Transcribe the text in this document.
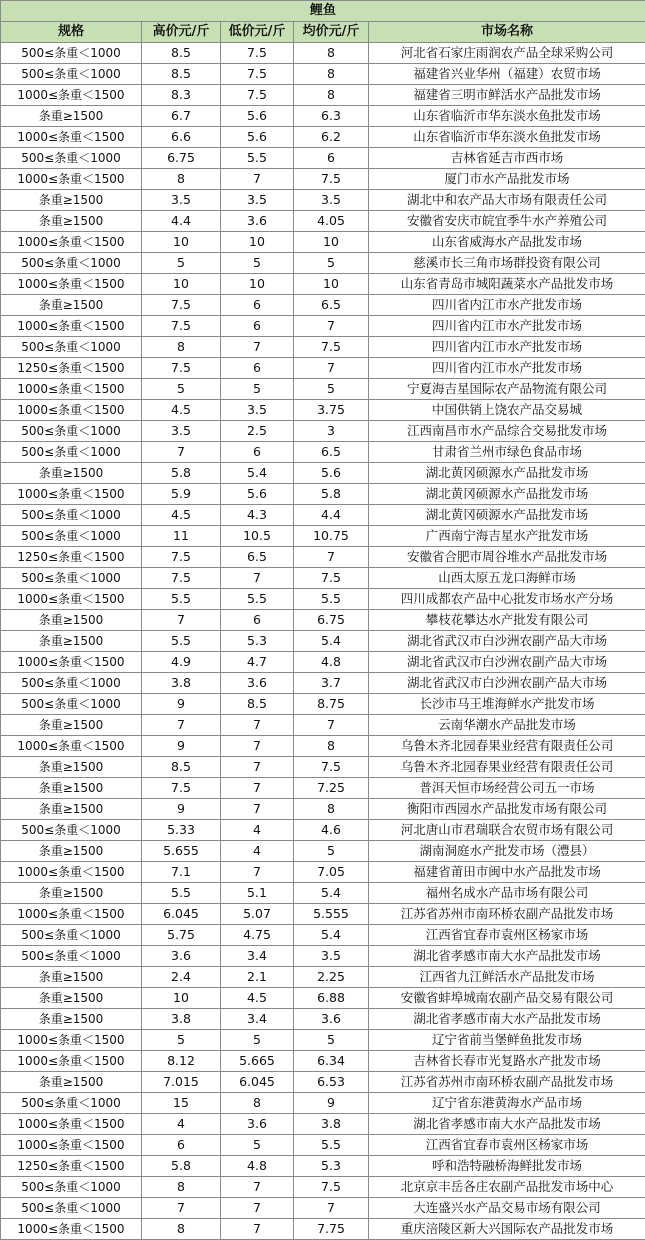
鲤鱼				
规格	高价元/斤	低价元/斤	均价元/斤	市场名称
500≤条重＜1000	8.5	7.5	8	河北省石家庄雨润农产品全球采购公司
500≤条重＜1000	8.5	7.5	8	福建省兴业华州（福建）农贸市场
1000≤条重＜1500	8.3	7.5	8	福建省三明市鲜活水产品批发市场
条重≥1500	6.7	5.6	6.3	山东省临沂市华东淡水鱼批发市场
1000≤条重＜1500	6.6	5.6	6.2	山东省临沂市华东淡水鱼批发市场
500≤条重＜1000	6.75	5.5	6	吉林省延吉市西市场
1000≤条重＜1500	8	7	7.5	厦门市水产品批发市场
条重≥1500	3.5	3.5	3.5	湖北中和农产品大市场有限责任公司
条重≥1500	4.4	3.6	4.05	安徽省安庆市皖宜季牛水产养殖公司
1000≤条重＜1500	10	10	10	山东省威海水产品批发市场
500≤条重＜1000	5	5	5	慈溪市长三角市场群投资有限公司
1000≤条重＜1500	10	10	10	山东省青岛市城阳蔬菜水产品批发市场
条重≥1500	7.5	6	6.5	四川省内江市水产批发市场
1000≤条重＜1500	7.5	6	7	四川省内江市水产批发市场
500≤条重＜1000	8	7	7.5	四川省内江市水产批发市场
1250≤条重＜1500	7.5	6	7	四川省内江市水产批发市场
1000≤条重＜1500	5	5	5	宁夏海吉星国际农产品物流有限公司
1000≤条重＜1500	4.5	3.5	3.75	中国供销上饶农产品交易城
500≤条重＜1000	3.5	2.5	3	江西南昌市水产品综合交易批发市场
500≤条重＜1000	7	6	6.5	甘肃省兰州市绿色食品市场
条重≥1500	5.8	5.4	5.6	湖北黄冈硕源水产品批发市场
1000≤条重＜1500	5.9	5.6	5.8	湖北黄冈硕源水产品批发市场
500≤条重＜1000	4.5	4.3	4.4	湖北黄冈硕源水产品批发市场
500≤条重＜1000	11	10.5	10.75	广西南宁海吉星水产批发市场
1250≤条重＜1500	7.5	6.5	7	安徽省合肥市周谷堆水产品批发市场
500≤条重＜1000	7.5	7	7.5	山西太原五龙口海鲜市场
1000≤条重＜1500	5.5	5.5	5.5	四川成都农产品中心批发市场水产分场
条重≥1500	7	6	6.75	攀枝花攀达水产批发有限公司
条重≥1500	5.5	5.3	5.4	湖北省武汉市白沙洲农副产品大市场
1000≤条重＜1500	4.9	4.7	4.8	湖北省武汉市白沙洲农副产品大市场
500≤条重＜1000	3.8	3.6	3.7	湖北省武汉市白沙洲农副产品大市场
500≤条重＜1000	9	8.5	8.75	长沙市马王堆海鲜水产批发市场
条重≥1500	7	7	7	云南华潮水产品批发市场
1000≤条重＜1500	9	7	8	乌鲁木齐北园春果业经营有限责任公司
条重≥1500	8.5	7	7.5	乌鲁木齐北园春果业经营有限责任公司
条重≥1500	7.5	7	7.25	普洱天恒市场经营公司五一市场
条重≥1500	9	7	8	衡阳市西园水产品批发市场有限公司
500≤条重＜1000	5.33	4	4.6	河北唐山市君瑞联合农贸市场有限公司
条重≥1500	5.655	4	5	湖南洞庭水产批发市场（澧县）
1000≤条重＜1500	7.1	7	7.05	福建省莆田市闽中水产品批发市场
条重≥1500	5.5	5.1	5.4	福州名成水产品市场有限公司
1000≤条重＜1500	6.045	5.07	5.555	江苏省苏州市南环桥农副产品批发市场
500≤条重＜1000	5.75	4.75	5.4	江西省宜春市袁州区杨家市场
500≤条重＜1000	3.6	3.4	3.5	湖北省孝感市南大水产品批发市场
条重≥1500	2.4	2.1	2.25	江西省九江鲜活水产品批发市场
条重≥1500	10	4.5	6.88	安徽省蚌埠城南农副产品交易有限公司
条重≥1500	3.8	3.4	3.6	湖北省孝感市南大水产品批发市场
1000≤条重＜1500	5	5	5	辽宁省前当堡鲜鱼批发市场
1000≤条重＜1500	8.12	5.665	6.34	吉林省长春市光复路水产批发市场
条重≥1500	7.015	6.045	6.53	江苏省苏州市南环桥农副产品批发市场
500≤条重＜1000	15	8	9	辽宁省东港黄海水产品市场
1000≤条重＜1500	4	3.6	3.8	湖北省孝感市南大水产品批发市场
1000≤条重＜1500	6	5	5.5	江西省宜春市袁州区杨家市场
1250≤条重＜1500	5.8	4.8	5.3	呼和浩特融桥海鲜批发市场
500≤条重＜1000	8	7	7.5	北京京丰岳各庄农副产品批发市场中心
500≤条重＜1000	7	7	7	大连盛兴水产品交易市场有限公司
1000≤条重＜1500	8	7	7.75	重庆涪陵区新大兴国际农产品批发市场
